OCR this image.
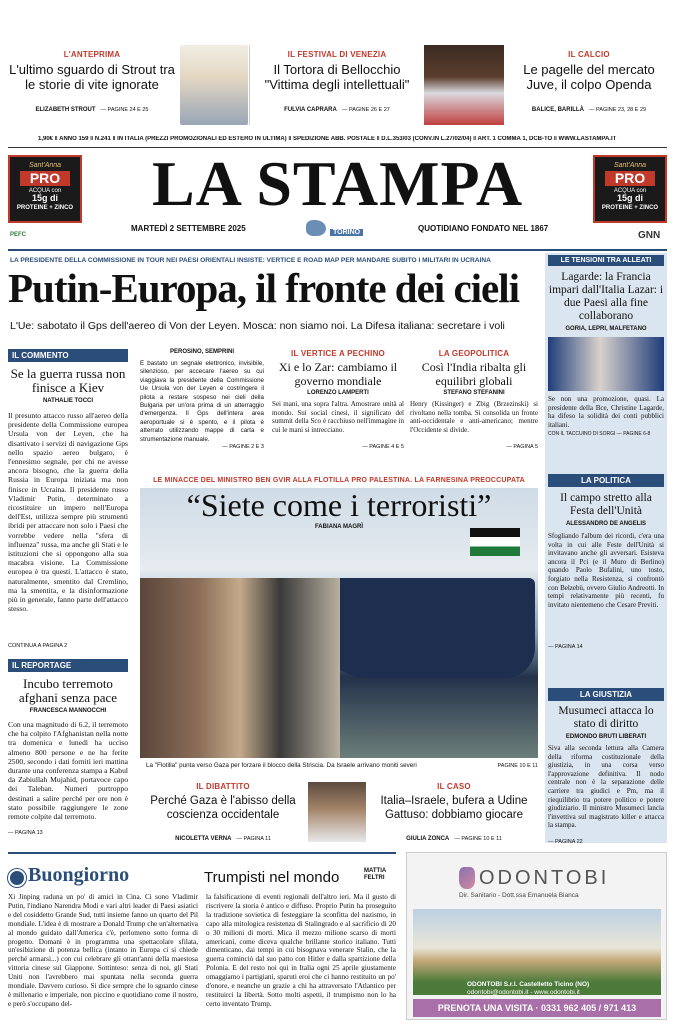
L'ANTEPRIMA
L'ultimo sguardo di Strout tra le storie di vite ignorate
ELIZABETH STROUT — PAGINE 24 E 25
IL FESTIVAL DI VENEZIA
Il Tortora di Bellocchio "Vittima degli intellettuali"
FULVIA CAPRARA — PAGINE 26 E 27
IL CALCIO
Le pagelle del mercato Juve, il colpo Openda
BALICE, BARILLÀ — PAGINE 23, 28 E 29
1,90€ ‖ ANNO 159 ‖ N.241 ‖ IN ITALIA (PREZZI PROMOZIONALI ED ESTERO IN ULTIMA) ‖ SPEDIZIONE ABB. POSTALE ‖ D.L.353/03 (CONV.IN L.27/02/04) ‖ ART. 1 COMMA 1, DCB-TO ‖ WWW.LASTAMPA.IT
Sant'Anna
PRO
ACQUA con
15g di
PROTEINE + ZINCO
Sant'Anna
PRO
ACQUA con
15g di
PROTEINE + ZINCO
LA STAMPA
PEFC
MARTEDÌ 2 SETTEMBRE 2025	TORINO	QUOTIDIANO FONDATO NEL 1867
GNN
LA PRESIDENTE DELLA COMMISSIONE IN TOUR NEI PAESI ORIENTALI INSISTE: VERTICE E ROAD MAP PER MANDARE SUBITO I MILITARI IN UCRAINA
Putin-Europa, il fronte dei cieli
L'Ue: sabotato il Gps dell'aereo di Von der Leyen. Mosca: non siamo noi. La Difesa italiana: secretare i voli
IL COMMENTO
Se la guerra russa non finisce a Kiev
NATHALIE TOCCI
Il presunto attacco russo all'aereo della presidente della Commissione europea Ursula von der Leyen, che ha disattivato i servizi di navigazione Gps nello spazio aereo bulgaro, è l'ennesimo segnale, per chi ne avesse ancora bisogno, che la guerra della Russia in Europa iniziata ma non finisce in Ucraina. Il presidente russo Vladimir Putin, determinato a ricostituire un impero nell'Europa dell'Est, utilizza sempre più strumenti ibridi per attaccare non solo i Paesi che vorrebbe vedere nella "sfera di influenza" russa, ma anche gli Stati e le istituzioni che si oppongono alla sua macabra visione. La Commissione europea è tra questi. L'attacco è stato, naturalmente, smentito dal Cremlino, ma la smentita, e la disinformazione più in generale, fanno parte dell'attacco stesso.
CONTINUA A PAGINA 2
IL REPORTAGE
Incubo terremoto afghani senza pace
FRANCESCA MANNOCCHI
Con una magnitudo di 6.2, il terremoto che ha colpito l'Afghanistan nella notte tra domenica e lunedì ha ucciso almeno 800 persone e ne ha ferite 2500, secondo i dati forniti ieri mattina durante una conferenza stampa a Kabul da Zabiullah Mujahid, portavoce capo dei Taleban. Numeri purtroppo destinati a salire perché per ore non è stato possibile raggiungere le zone remote colpite dal terremoto.
— PAGINA 13
PEROSINO, SEMPRINI
È bastato un segnale elettronico, invisibile, silenzioso, per accecare l'aereo su cui viaggiava la presidente della Commissione Ue Ursula von der Leyen e costringere il pilota a restare sospeso nei cieli della Bulgaria per un'ora prima di un atterraggio d'emergenza. Il Gps dell'intera area aeroportuale si è spento, e il pilota è atterrato utilizzando mappe di carta e strumentazione manuale.
— PAGINE 2 E 3
IL VERTICE A PECHINO
Xi e lo Zar: cambiamo il governo mondiale
LORENZO LAMPERTI
Sei mani, una sopra l'altra. Amostrare unità al mondo. Sui social cinesi, il significato del summit della Sco è racchiuso nell'immagine in cui le mani si intrecciano.
— PAGINE 4 E 5
LA GEOPOLITICA
Così l'India ribalta gli equilibri globali
STEFANO STEFANINI
Henry (Kissinger) e Zbig (Brzezinski) si rivoltano nella tomba. Si consolida un fronte anti-occidentale e anti-americano; mentre l'Occidente si divide.
— PAGINA 5
LE MINACCE DEL MINISTRO BEN GVIR ALLA FLOTILLA PRO PALESTINA. LA FARNESINA PREOCCUPATA
“Siete come i terroristi”
FABIANA MAGRÌ
La "Flotilla" punta verso Gaza per forzare il blocco della Striscia. Da Israele arrivano moniti severi	PAGINE 10 E 11
IL DIBATTITO
Perché Gaza è l'abisso della coscienza occidentale
NICOLETTA VERNA — PAGINA 11
IL CASO
Italia–Israele, bufera a Udine Gattuso: dobbiamo giocare
GIULIA ZONCA — PAGINE 10 E 11
LE TENSIONI TRA ALLEATI
Lagarde: la Francia impari dall'Italia Lazar: i due Paesi alla fine collaborano
GORIA, LEPRI, MALFETANO
Se non una promozione, quasi. La presidente della Bce, Christine Lagarde, ha difeso la solidità dei conti pubblici italiani.
CON IL TACCUINO DI SORGI — PAGINE 6-8
LA POLITICA
Il campo stretto alla Festa dell'Unità
ALESSANDRO DE ANGELIS
Sfogliando l'album dei ricordi, c'era una volta in cui alle Feste dell'Unità si invitavano anche gli avversari. Esisteva ancora il Pci (e il Muro di Berlino) quando Paolo Bufalini, uno tosto, forgiato nella Resistenza, si confrontò con Belzebù, ovvero Giulio Andreotti. In tempi relativamente più recenti, fu invitato nientemeno che Cesare Previti.
— PAGINA 14
LA GIUSTIZIA
Musumeci attacca lo stato di diritto
EDMONDO BRUTI LIBERATI
Siva alla seconda lettura alla Camera della riforma costituzionale della giustizia, in una corsa verso l'approvazione definitiva. Il nodo centrale non è la separazione delle carriere tra giudici e Pm, ma il riequilibrio tra potere politico e potere giudiziario. Il ministro Musumeci lancia l'invettiva sul magistrato killer e attacca la stampa.
— PAGINA 22
Buongiorno	Trumpisti nel mondo	MATTIA FELTRI
Xi Jinping raduna un po' di amici in Cina. Ci sono Vladimir Putin, l'indiano Narendra Modi e vari altri leader di Paesi asiatici e del cosiddetto Grande Sud, tutti insieme fanno un quarto del Pil mondiale. L'idea è di mostrare a Donald Trump che un'alternativa al mondo guidato dall'America c'è, perlomeno sotto forma di progetto. Domani è in programma una spettacolare sfilata, un'esibizione di potenza bellica (intanto in Europa ci si chiede perché armarsi...) con cui celebrare gli ottant'anni della maestosa vittoria cinese sul Giappone. Sottinteso: senza di noi, gli Stati Uniti non l'avrebbero mai spuntata nella seconda guerra mondiale. Davvero curioso. Si dice sempre che lo sguardo cinese è millenario e imperiale, non piccino e quotidiano come il nostro, e però s'occupano del-
la falsificazione di eventi regionali dell'altro ieri. Ma il gusto di riscrivere la storia è antico e diffuso. Proprio Putin ha proseguito la tradizione sovietica di festeggiare la sconfitta del nazismo, in capo alla mitologica resistenza di Stalingrado e al sacrificio di 20 o 30 milioni di morti. Mica il mezzo milione scarso di morti americani, come diceva qualche brillante storico italiano. Tutti dimenticano, dai tempi in cui bisognava venerare Stalin, che la guerra cominciò dal suo patto con Hitler e dalla spartizione della Polonia. E del resto noi qui in Italia ogni 25 aprile giustamente omaggiamo i partigiani, sparuti eroi che ci hanno restituito un po' d'onore, e neanche un grazie a chi ha attraversato l'Atlantico per restituirci la libertà. Sotto molti aspetti, il trumpismo non lo ha certo inventato Trump.
ODONTOBI
Dir. Sanitario - Dott.ssa Emanuela Bianca
ODONTOBI S.r.l. Castelletto Ticino (NO)
odontobi@odontobi.it - www.odontobi.it
PRENOTA UNA VISITA · 0331 962 405 / 971 413
